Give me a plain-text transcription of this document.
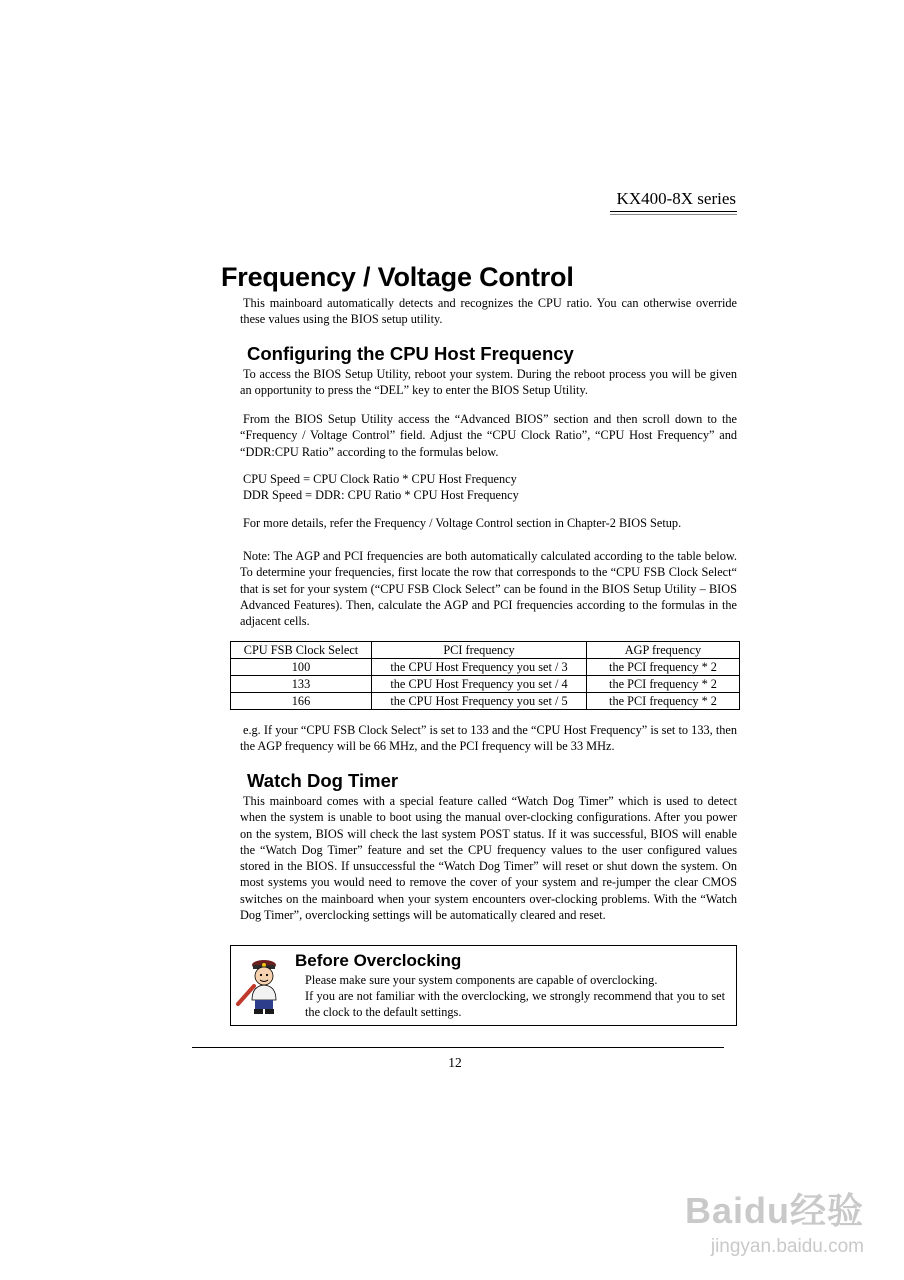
KX400-8X series
Frequency / Voltage Control
This mainboard automatically detects and recognizes the CPU ratio. You can otherwise override these values using the BIOS setup utility.
Configuring the CPU Host Frequency
To access the BIOS Setup Utility, reboot your system. During the reboot process you will be given an opportunity to press the “DEL” key to enter the BIOS Setup Utility.
From the BIOS Setup Utility access the “Advanced BIOS” section and then scroll down to the “Frequency / Voltage Control” field. Adjust the “CPU Clock Ratio”, “CPU Host Frequency” and “DDR:CPU Ratio” according to the formulas below.
CPU Speed = CPU Clock Ratio * CPU Host Frequency
DDR Speed = DDR: CPU Ratio * CPU Host Frequency
For more details, refer the Frequency / Voltage Control section in Chapter-2 BIOS Setup.
Note: The AGP and PCI frequencies are both automatically calculated according to the table below. To determine your frequencies, first locate the row that corresponds to the “CPU FSB Clock Select“ that is set for your system (“CPU FSB Clock Select” can be found in the BIOS Setup Utility – BIOS Advanced Features). Then, calculate the AGP and PCI frequencies according to the formulas in the adjacent cells.
CPU FSB Clock Select	PCI frequency	AGP frequency
100	the CPU Host Frequency you set / 3	the PCI frequency * 2
133	the CPU Host Frequency you set / 4	the PCI frequency * 2
166	the CPU Host Frequency you set / 5	the PCI frequency * 2
e.g. If your “CPU FSB Clock Select” is set to 133 and the “CPU Host Frequency” is set to 133, then the AGP frequency will be 66 MHz, and the PCI frequency will be 33 MHz.
Watch Dog Timer
This mainboard comes with a special feature called “Watch Dog Timer” which is used to detect when the system is unable to boot using the manual over-clocking configurations. After you power on the system, BIOS will check the last system POST status. If it was successful, BIOS will enable the “Watch Dog Timer” feature and set the CPU frequency values to the user configured values stored in the BIOS. If unsuccessful the “Watch Dog Timer” will reset or shut down the system. On most systems you would need to remove the cover of your system and re-jumper the clear CMOS switches on the mainboard when your system encounters over-clocking problems. With the “Watch Dog Timer”, overclocking settings will be automatically cleared and reset.
Before Overclocking
Please make sure your system components are capable of overclocking.
If you are not familiar with the overclocking, we strongly recommend that you to set the clock to the default settings.
12
Baidu经验
jingyan.baidu.com
